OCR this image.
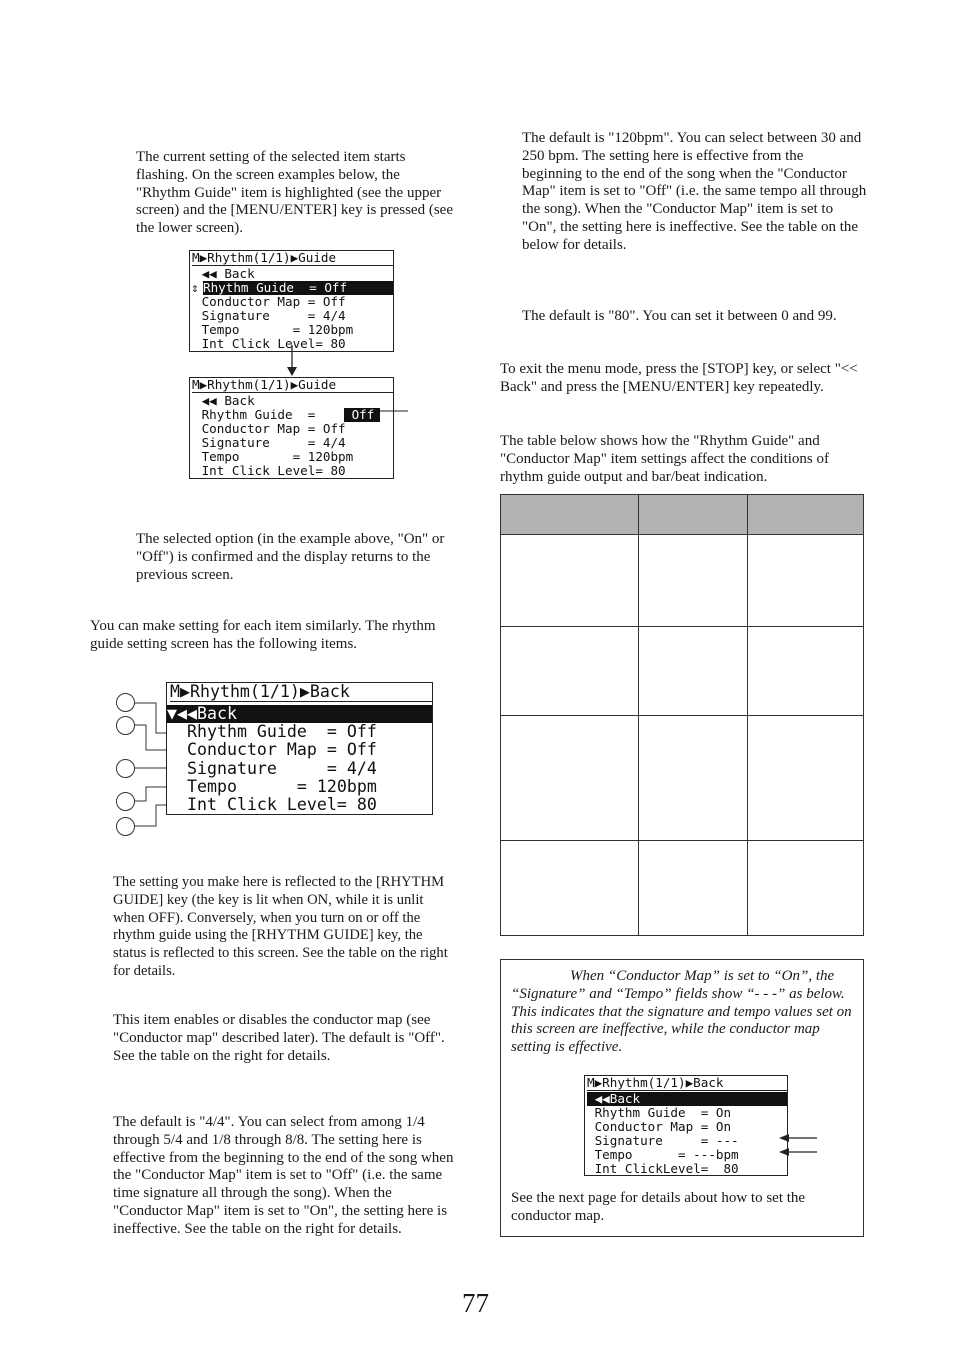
The current setting of the selected item starts flashing. On the screen examples below, the "Rhythm Guide" item is highlighted (see the upper screen) and the [MENU/ENTER] key is pressed (see the lower screen).

M▶Rhythm(1/1)▶Guide
◀◀ Back
⇕ Rhythm Guide  = Off
Conductor Map = Off
Signature     = 4/4
Tempo       = 120bpm
Int Click Level= 80
M▶Rhythm(1/1)▶Guide
◀◀ Back
Rhythm Guide  =	Off
Conductor Map = Off
Signature     = 4/4
Tempo       = 120bpm
Int Click Level= 80

The selected option (in the example above, "On" or "Off") is confirmed and the display returns to the previous screen.

You can make setting for each item similarly. The rhythm guide setting screen has the following items.

M▶Rhythm(1/1)▶Back
▼◀◀Back
Rhythm Guide  = Off
Conductor Map = Off
Signature     = 4/4
Tempo      = 120bpm
Int Click Level= 80

The setting you make here is reflected to the [RHYTHM GUIDE] key (the key is lit when ON, while it is unlit when OFF). Conversely, when you turn on or off the rhythm guide using the [RHYTHM GUIDE] key, the status is reflected to this screen. See the table on the right for details.

This item enables or disables the conductor map (see "Conductor map" described later). The default is "Off". See the table on the right for details.

The default is "4/4". You can select from among 1/4 through 5/4 and 1/8 through 8/8. The setting here is effective from the beginning to the end of the song when the "Conductor Map" item is set to "Off" (i.e. the same time signature all through the song). When the "Conductor Map" item is set to "On", the setting here is ineffective. See the table on the right for details.

The default is "120bpm". You can select between 30 and 250 bpm. The setting here is effective from the beginning to the end of the song when the "Conductor Map" item is set to "Off" (i.e. the same tempo all through the song). When the "Conductor Map" item is set to "On", the setting here is ineffective. See the table on the below for details.

The default is "80". You can set it between 0 and 99.

To exit the menu mode, press the [STOP] key, or select "<< Back" and press the [MENU/ENTER] key repeatedly.

The table below shows how the "Rhythm Guide" and "Conductor Map" item settings affect the conditions of rhythm guide output and bar/beat indication.

When “Conductor Map” is set to “On”, the “Signature” and “Tempo” fields show “- - -” as below. This indicates that the signature and tempo values set on this screen are ineffective, while the conductor map setting is effective.

M▶Rhythm(1/1)▶Back
◀◀Back
Rhythm Guide  = On
Conductor Map = On
Signature     = ---
Tempo      = ---bpm
Int ClickLevel=  80

See the next page for details about how to set the conductor map.

77
